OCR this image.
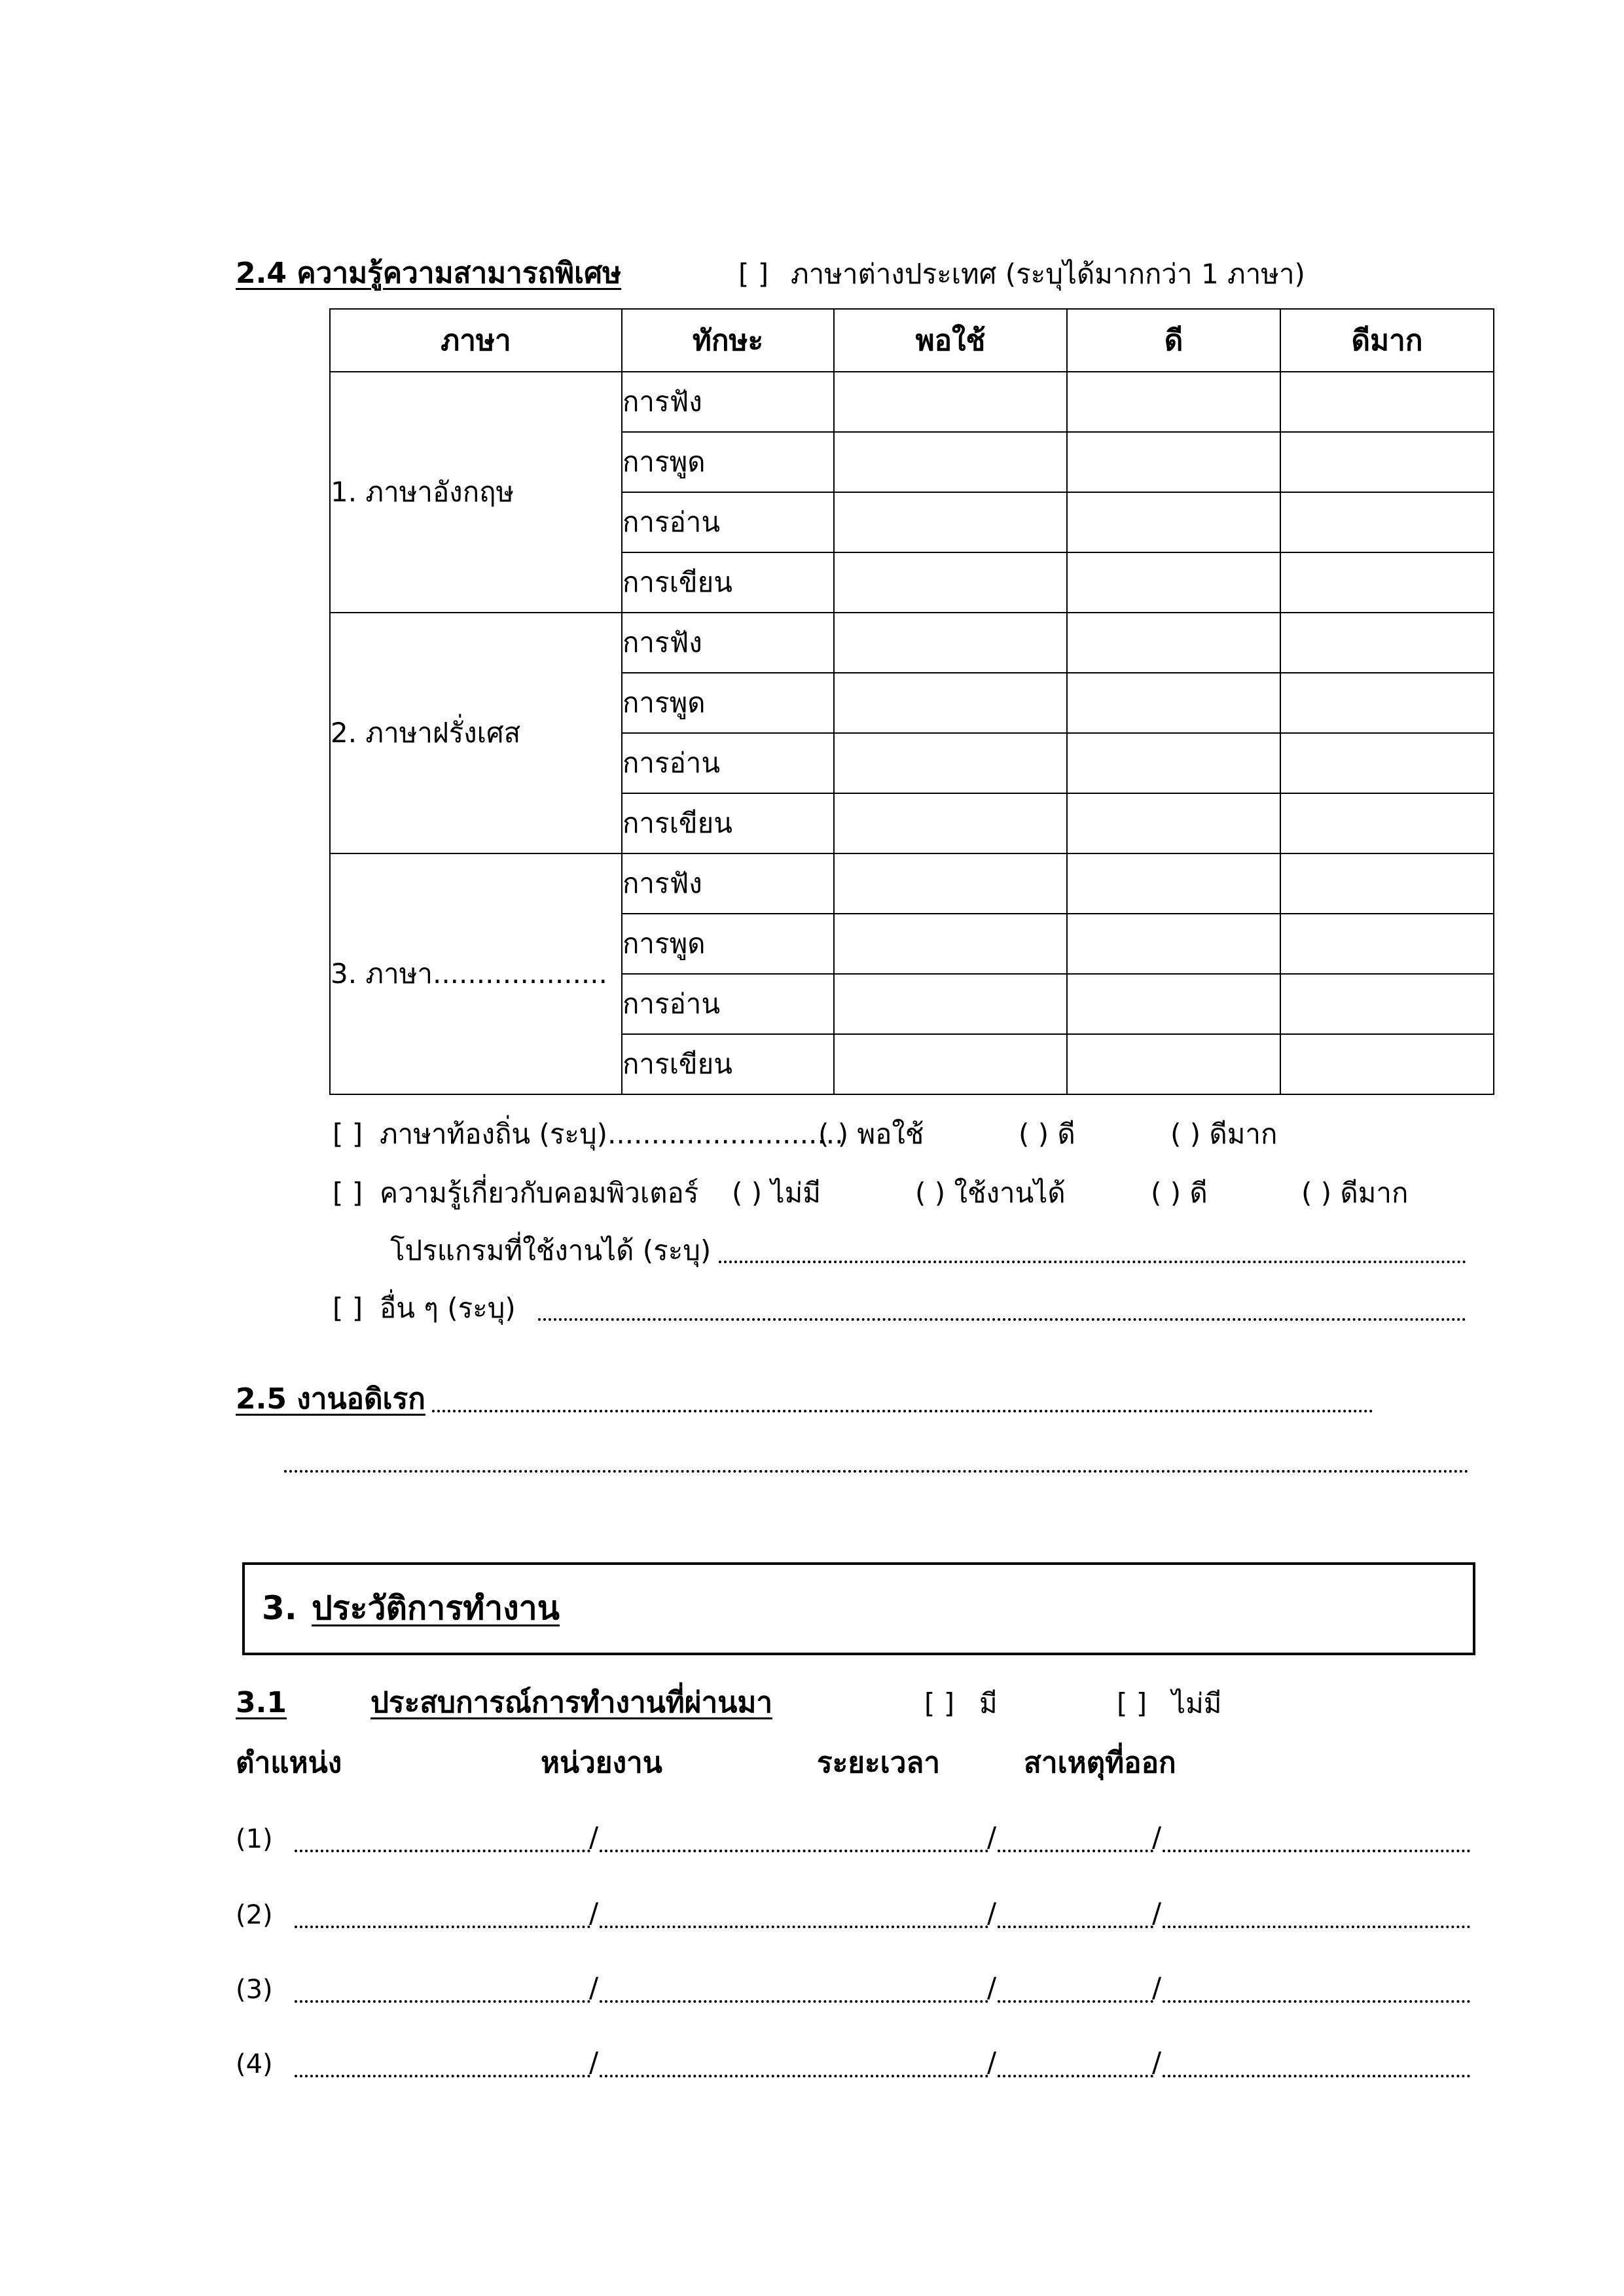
2.4 ความรู้ความสามารถพิเศษ	[ ] ภาษาต่างประเทศ (ระบุได้มากกว่า 1 ภาษา)
ภาษา	ทักษะ	พอใช้	ดี	ดีมาก
1. ภาษาอังกฤษ	การฟัง			
	การพูด			
	การอ่าน			
	การเขียน			
2. ภาษาฝรั่งเศส	การฟัง			
	การพูด			
	การอ่าน			
	การเขียน			
3. ภาษา....................	การฟัง			
	การพูด			
	การอ่าน			
	การเขียน			
[ ] ภาษาท้องถิ่น (ระบุ)...........................
( ) พอใช้	( ) ดี	( ) ดีมาก
[ ] ความรู้เกี่ยวกับคอมพิวเตอร์ ( ) ไม่มี	( ) ใช้งานได้	( ) ดี	( ) ดีมาก
โปรแกรมที่ใช้งานได้ (ระบุ)
[ ] อื่น ๆ (ระบุ)
2.5 งานอดิเรก
3. ประวัติการทำงาน
3.1	ประสบการณ์การทำงานที่ผ่านมา	[ ] มี	[ ] ไม่มี
ตำแหน่ง	หน่วยงาน	ระยะเวลา	สาเหตุที่ออก
(1)	/	/	/
(2)	/	/	/
(3)	/	/	/
(4)	/	/	/
